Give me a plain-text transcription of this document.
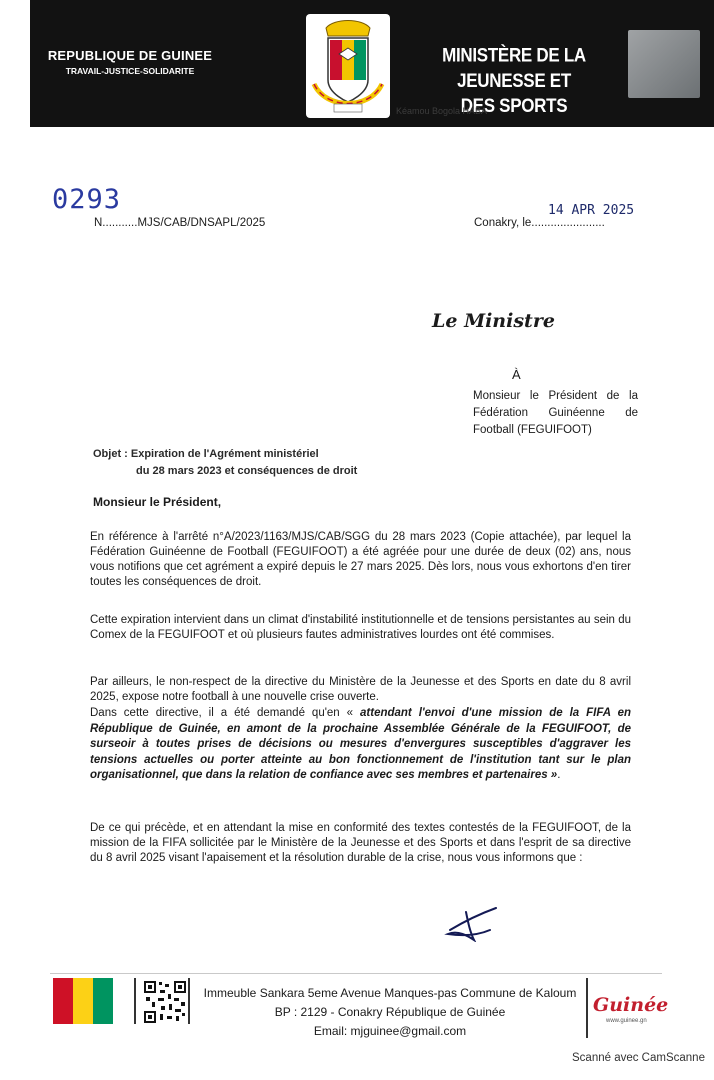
REPUBLIQUE DE GUINEE
TRAVAIL-JUSTICE-SOLIDARITE
MINISTÈRE DE LA JEUNESSE ET
DES SPORTS
Kéamou Bogola HABA
0293
N...........MJS/CAB/DNSAPL/2025
14 APR 2025
Conakry, le.......................
Le Ministre
À
Monsieur le Président de la Fédération Guinéenne de Football (FEGUIFOOT)
Objet : Expiration de l'Agrément ministériel
du 28 mars 2023 et conséquences de droit
Monsieur le Président,

En référence à l'arrêté n°A/2023/1163/MJS/CAB/SGG du 28 mars 2023 (Copie attachée), par lequel la Fédération Guinéenne de Football (FEGUIFOOT) a été agréée pour une durée de deux (02) ans, nous vous notifions que cet agrément a expiré depuis le 27 mars 2025. Dès lors, nous vous exhortons d'en tirer toutes les conséquences de droit.

Cette expiration intervient dans un climat d'instabilité institutionnelle et de tensions persistantes au sein du Comex de la FEGUIFOOT et où plusieurs fautes administratives lourdes ont été commises.

Par ailleurs, le non-respect de la directive du Ministère de la Jeunesse et des Sports en date du 8 avril 2025, expose notre football à une nouvelle crise ouverte.

Dans cette directive, il a été demandé qu'en « attendant l'envoi d'une mission de la FIFA en République de Guinée, en amont de la prochaine Assemblée Générale de la FEGUIFOOT, de surseoir à toutes prises de décisions ou mesures d'envergures susceptibles d'aggraver les tensions actuelles ou porter atteinte au bon fonctionnement de l'institution tant sur le plan organisationnel, que dans la relation de confiance avec ses membres et partenaires ».

De ce qui précède, et en attendant la mise en conformité des textes contestés de la FEGUIFOOT, de la mission de la FIFA sollicitée par le Ministère de la Jeunesse et des Sports et dans l'esprit de sa directive du 8 avril 2025 visant l'apaisement et la résolution durable de la crise, nous vous informons que :

Immeuble Sankara 5eme Avenue Manques-pas Commune de Kaloum
BP : 2129 - Conakry République de Guinée
Email: mjguinee@gmail.com
Guinée
www.guinee.gn
Scanné avec CamScanne
